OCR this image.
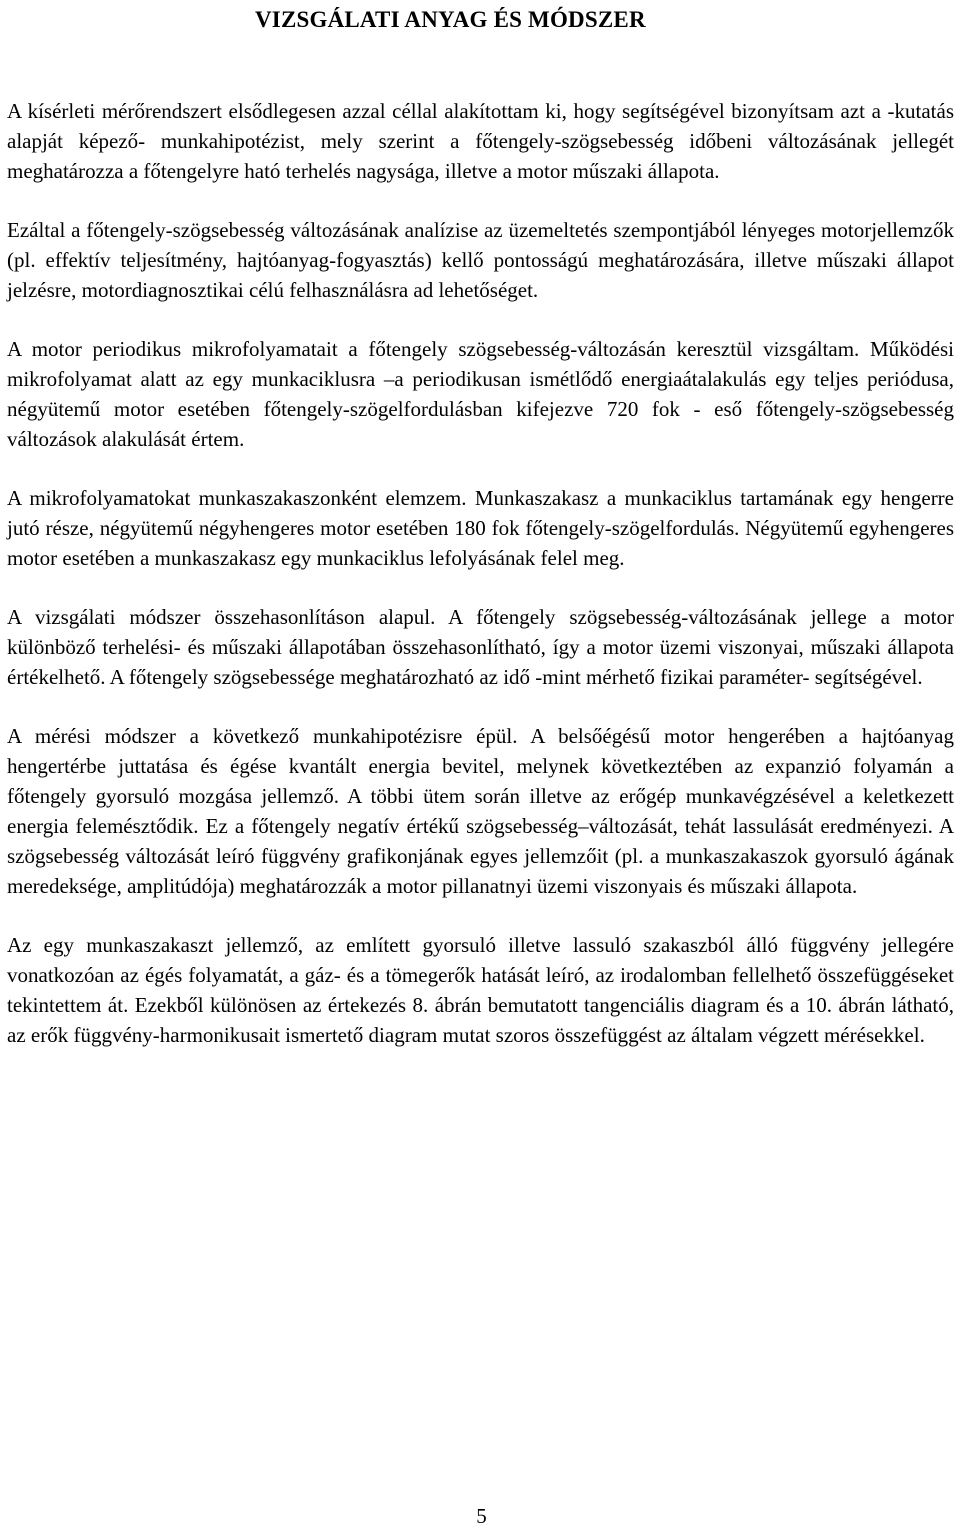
VIZSGÁLATI ANYAG ÉS MÓDSZER

A kísérleti mérőrendszert elsődlegesen azzal céllal alakítottam ki, hogy segítségével bizonyítsam azt a -kutatás alapját képező- munkahipotézist, mely szerint a főtengely-szögsebesség időbeni változásának jellegét meghatározza a főtengelyre ható terhelés nagysága, illetve a motor műszaki állapota.

Ezáltal a főtengely-szögsebesség változásának analízise az üzemeltetés szempontjából lényeges motorjellemzők (pl. effektív teljesítmény, hajtóanyag-fogyasztás) kellő pontosságú meghatározására, illetve műszaki állapot jelzésre, motordiagnosztikai célú felhasználásra ad lehetőséget.

A motor periodikus mikrofolyamatait a főtengely szögsebesség-változásán keresztül vizsgáltam. Működési mikrofolyamat alatt az egy munkaciklusra –a periodikusan ismétlődő energiaátalakulás egy teljes periódusa, négyütemű motor esetében főtengely-szögelfordulásban kifejezve 720 fok - eső főtengely-szögsebesség változások alakulását értem.

A mikrofolyamatokat munkaszakaszonként elemzem. Munkaszakasz a munkaciklus tartamának egy hengerre jutó része, négyütemű négyhengeres motor esetében 180 fok főtengely-szögelfordulás. Négyütemű egyhengeres motor esetében a munkaszakasz egy munkaciklus lefolyásának felel meg.

A vizsgálati módszer összehasonlításon alapul. A főtengely szögsebesség-változásának jellege a motor különböző terhelési- és műszaki állapotában összehasonlítható, így a motor üzemi viszonyai, műszaki állapota értékelhető. A főtengely szögsebessége meghatározható az idő -mint mérhető fizikai paraméter- segítségével.

A mérési módszer a következő munkahipotézisre épül. A belsőégésű motor hengerében a hajtóanyag hengertérbe juttatása és égése kvantált energia bevitel, melynek következtében az expanzió folyamán a főtengely gyorsuló mozgása jellemző. A többi ütem során illetve az erőgép munkavégzésével a keletkezett energia felemésztődik. Ez a főtengely negatív értékű szögsebesség–változását, tehát lassulását eredményezi. A szögsebesség változását leíró függvény grafikonjának egyes jellemzőit (pl. a munkaszakaszok gyorsuló ágának meredeksége, amplitúdója) meghatározzák a motor pillanatnyi üzemi viszonyais és műszaki állapota.

Az egy munkaszakaszt jellemző, az említett gyorsuló illetve lassuló szakaszból álló függvény jellegére vonatkozóan az égés folyamatát, a gáz- és a tömegerők hatását leíró, az irodalomban fellelhető összefüggéseket tekintettem át. Ezekből különösen az értekezés 8. ábrán bemutatott tangenciális diagram és a 10. ábrán látható, az erők függvény-harmonikusait ismertető diagram mutat szoros összefüggést az általam végzett mérésekkel.

5
